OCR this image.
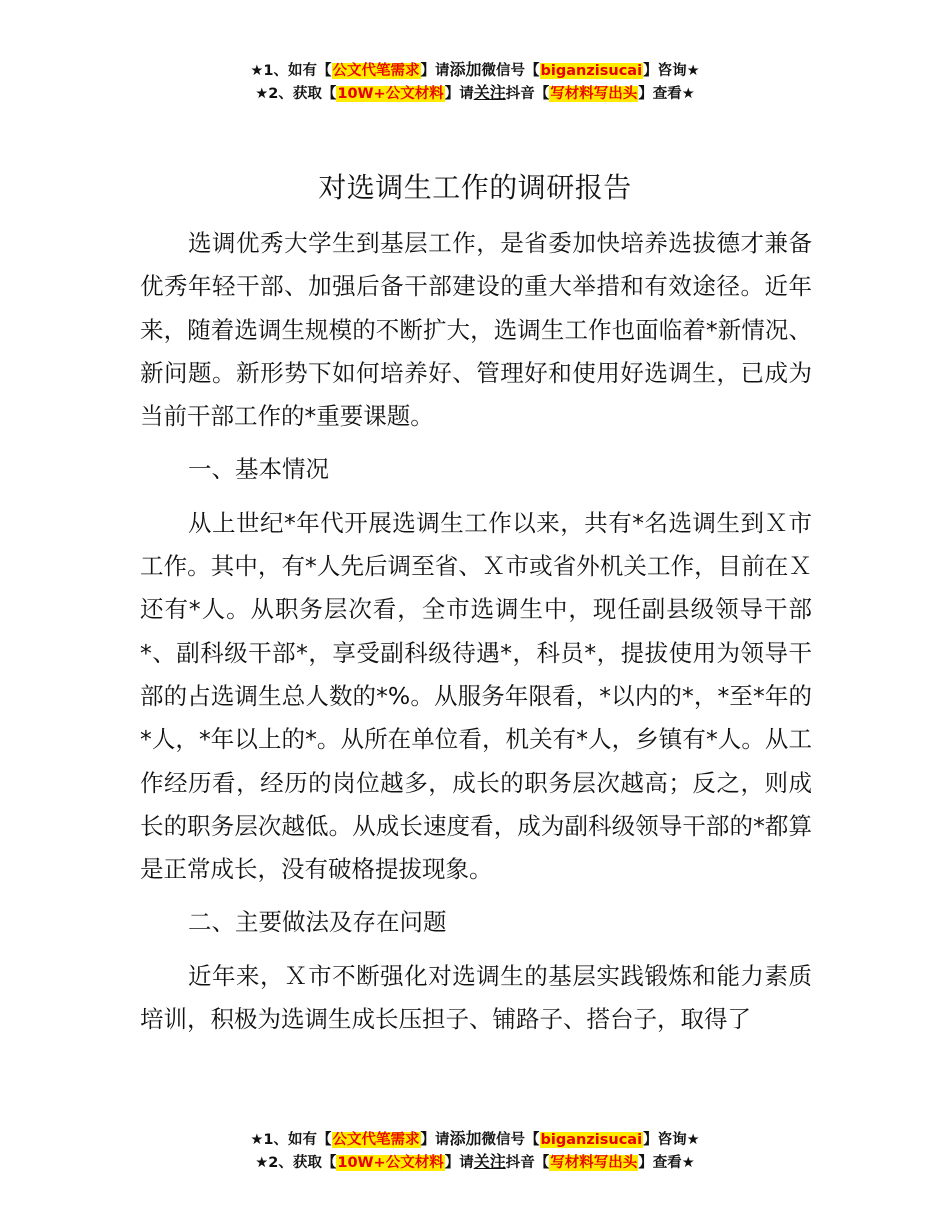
★1、如有【公文代笔需求】请添加微信号【biganzisucai】咨询★
★2、获取【10W+公文材料】请关注抖音【写材料写出头】查看★
对选调生工作的调研报告

选调优秀大学生到基层工作，是省委加快培养选拔德才兼备优秀年轻干部、加强后备干部建设的重大举措和有效途径。近年来，随着选调生规模的不断扩大，选调生工作也面临着*新情况、新问题。新形势下如何培养好、管理好和使用好选调生，已成为当前干部工作的*重要课题。

一、基本情况

从上世纪*年代开展选调生工作以来，共有*名选调生到Ｘ市工作。其中，有*人先后调至省、Ｘ市或省外机关工作，目前在Ｘ还有*人。从职务层次看，全市选调生中，现任副县级领导干部*、副科级干部*，享受副科级待遇*，科员*，提拔使用为领导干部的占选调生总人数的*%。从服务年限看，*以内的*，*至*年的*人，*年以上的*。从所在单位看，机关有*人，乡镇有*人。从工作经历看，经历的岗位越多，成长的职务层次越高；反之，则成长的职务层次越低。从成长速度看，成为副科级领导干部的*都算是正常成长，没有破格提拔现象。

二、主要做法及存在问题

近年来，Ｘ市不断强化对选调生的基层实践锻炼和能力素质培训，积极为选调生成长压担子、铺路子、搭台子，取得了

★1、如有【公文代笔需求】请添加微信号【biganzisucai】咨询★
★2、获取【10W+公文材料】请关注抖音【写材料写出头】查看★
